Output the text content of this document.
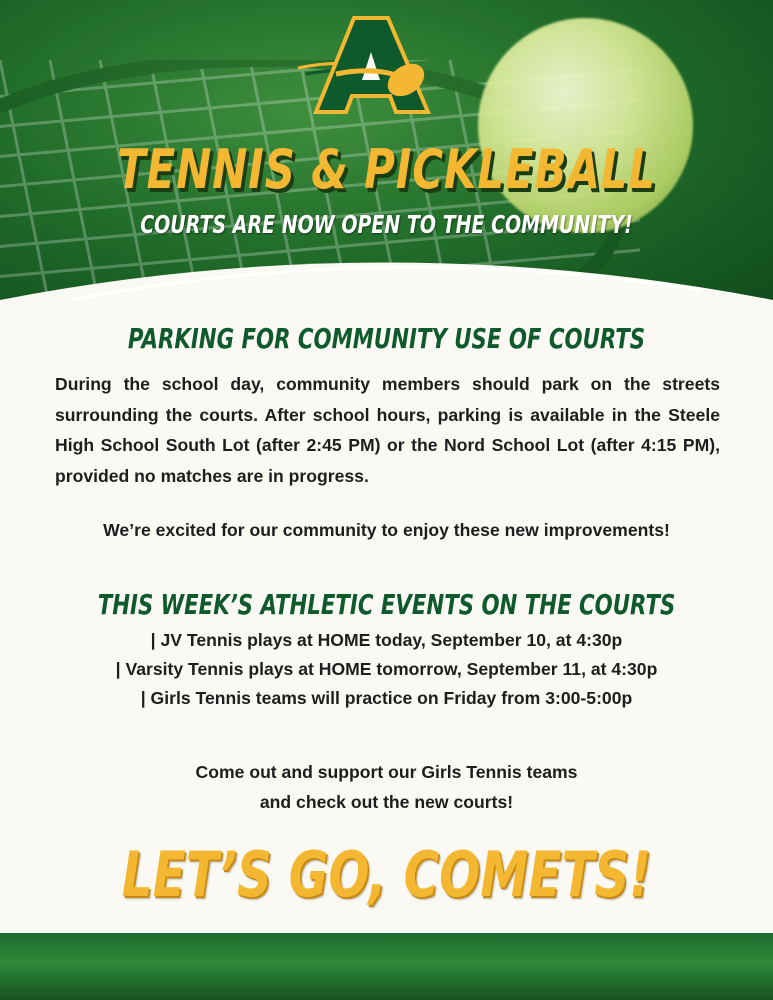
TENNIS & PICKLEBALL
COURTS ARE NOW OPEN TO THE COMMUNITY!
PARKING FOR COMMUNITY USE OF COURTS
During the school day, community members should park on the streets surrounding the courts. After school hours, parking is available in the Steele High School South Lot (after 2:45 PM) or the Nord School Lot (after 4:15 PM), provided no matches are in progress.
We’re excited for our community to enjoy these new improvements!
THIS WEEK’S ATHLETIC EVENTS ON THE COURTS
| JV Tennis plays at HOME today, September 10, at 4:30p
| Varsity Tennis plays at HOME tomorrow, September 11, at 4:30p
| Girls Tennis teams will practice on Friday from 3:00-5:00p
Come out and support our Girls Tennis teams
and check out the new courts!
LET’S GO, COMETS!
